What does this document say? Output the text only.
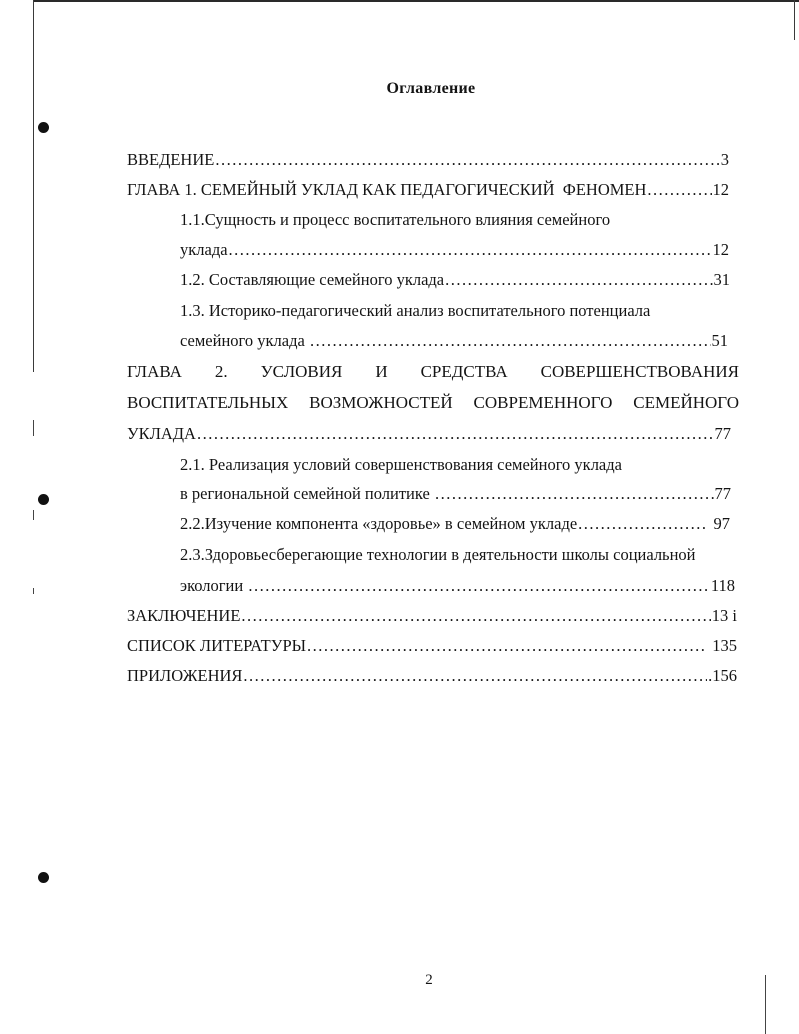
Оглавление
ВВЕДЕНИЕ .....	3
ГЛАВА 1. СЕМЕЙНЫЙ УКЛАД КАК ПЕДАГОГИЧЕСКИЙ  ФЕНОМЕН .....	12
1.1.Сущность и процесс воспитательного влияния семейного
уклада .....	12
1.2. Составляющие семейного уклада .....	31
1.3. Историко-педагогический анализ воспитательного потенциала
семейного уклада .....	51
ГЛАВА 2. УСЛОВИЯ И СРЕДСТВА СОВЕРШЕНСТВОВАНИЯ
ВОСПИТАТЕЛЬНЫХ ВОЗМОЖНОСТЕЙ СОВРЕМЕННОГО СЕМЕЙНОГО
УКЛАДА .....	77
2.1. Реализация условий совершенствования семейного уклада
в региональной семейной политике .....	77
2.2.Изучение компонента «здоровье» в семейном укладе .....	97
2.3.Здоровьесберегающие технологии в деятельности школы социальной
экологии .....	118
ЗАКЛЮЧЕНИЕ .....	13 i
СПИСОК ЛИТЕРАТУРЫ .....	135
ПРИЛОЖЕНИЯ .....	.156
2
